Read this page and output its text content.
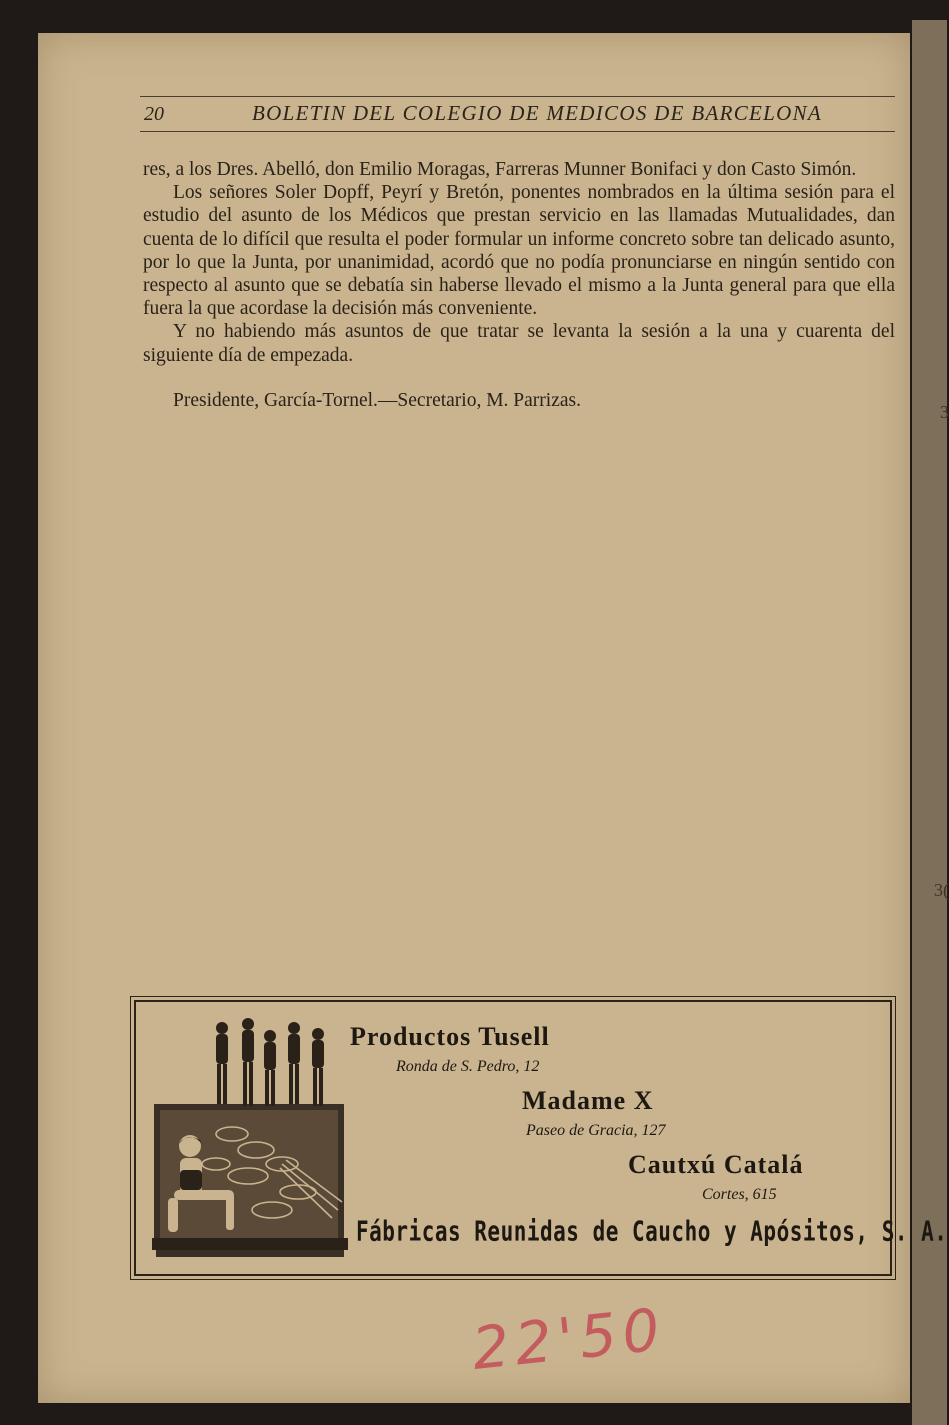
3
3(
20	BOLETIN DEL COLEGIO DE MEDICOS DE BARCELONA

res, a los Dres. Abelló, don Emilio Moragas, Farreras Munner Bonifaci y don Casto Simón.

Los señores Soler Dopff, Peyrí y Bretón, ponentes nombrados en la última sesión para el estudio del asunto de los Médicos que prestan servicio en las llamadas Mutualidades, dan cuenta de lo difícil que resulta el poder formular un informe concreto sobre tan delicado asunto, por lo que la Junta, por unanimidad, acordó que no podía pronunciarse en ningún sentido con respecto al asunto que se debatía sin haberse llevado el mismo a la Junta general para que ella fuera la que acordase la decisión más conveniente.

Y no habiendo más asuntos de que tratar se levanta la sesión a la una y cuarenta del siguiente día de empezada.

Presidente, García-Tornel.—Secretario, M. Parrizas.

Productos Tusell
Ronda de S. Pedro, 12
Madame X
Paseo de Gracia, 127
Cautxú Catalá
Cortes, 615
Fábricas Reunidas de Caucho y Apósitos, S. A.
22'50
